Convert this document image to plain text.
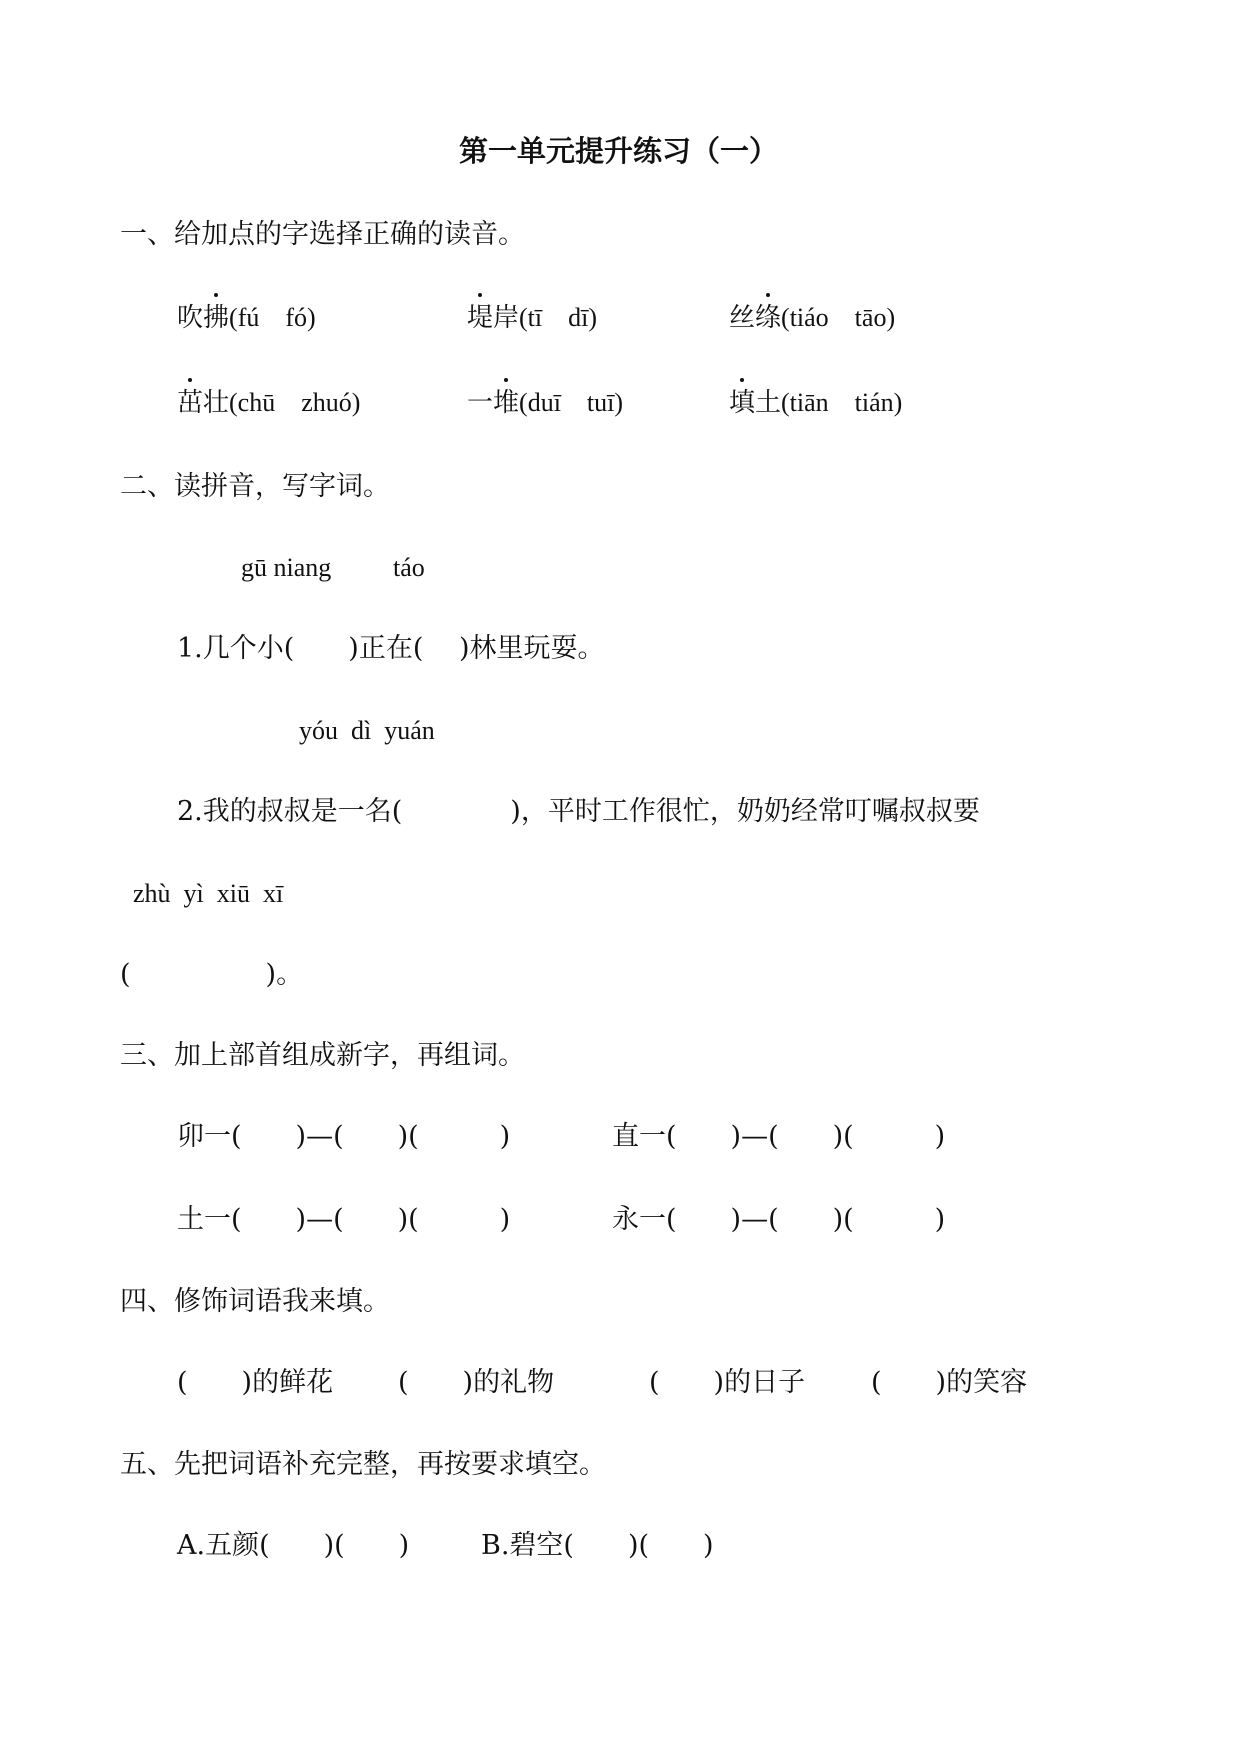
第一单元提升练习（一）
一、给加点的字选择正确的读音。
吹拂(fú　fó)	堤岸(tī　dī)	丝绦(tiáo　tāo)
茁壮(chū　zhuó)	一堆(duī　tuī)	填土(tiān　tián)
二、读拼音，写字词。
gū niang táo
1.几个小(　　)正在(　 )林里玩耍。
yóu  dì  yuán
2.我的叔叔是一名(　　　　)，平时工作很忙，奶奶经常叮嘱叔叔要
zhù  yì  xiū  xī
(　　　　　)。
三、加上部首组成新字，再组词。
卯一(　　)—(　　)(　　　)	直一(　　)—(　　)(　　　)
土一(　　)—(　　)(　　　)	永一(　　)—(　　)(　　　)
四、修饰词语我来填。
(　　)的鲜花 (　　)的礼物	(　　)的日子 (　　)的笑容
五、先把词语补充完整，再按要求填空。
A.五颜(　　)(　　)	B.碧空(　　)(　　)
